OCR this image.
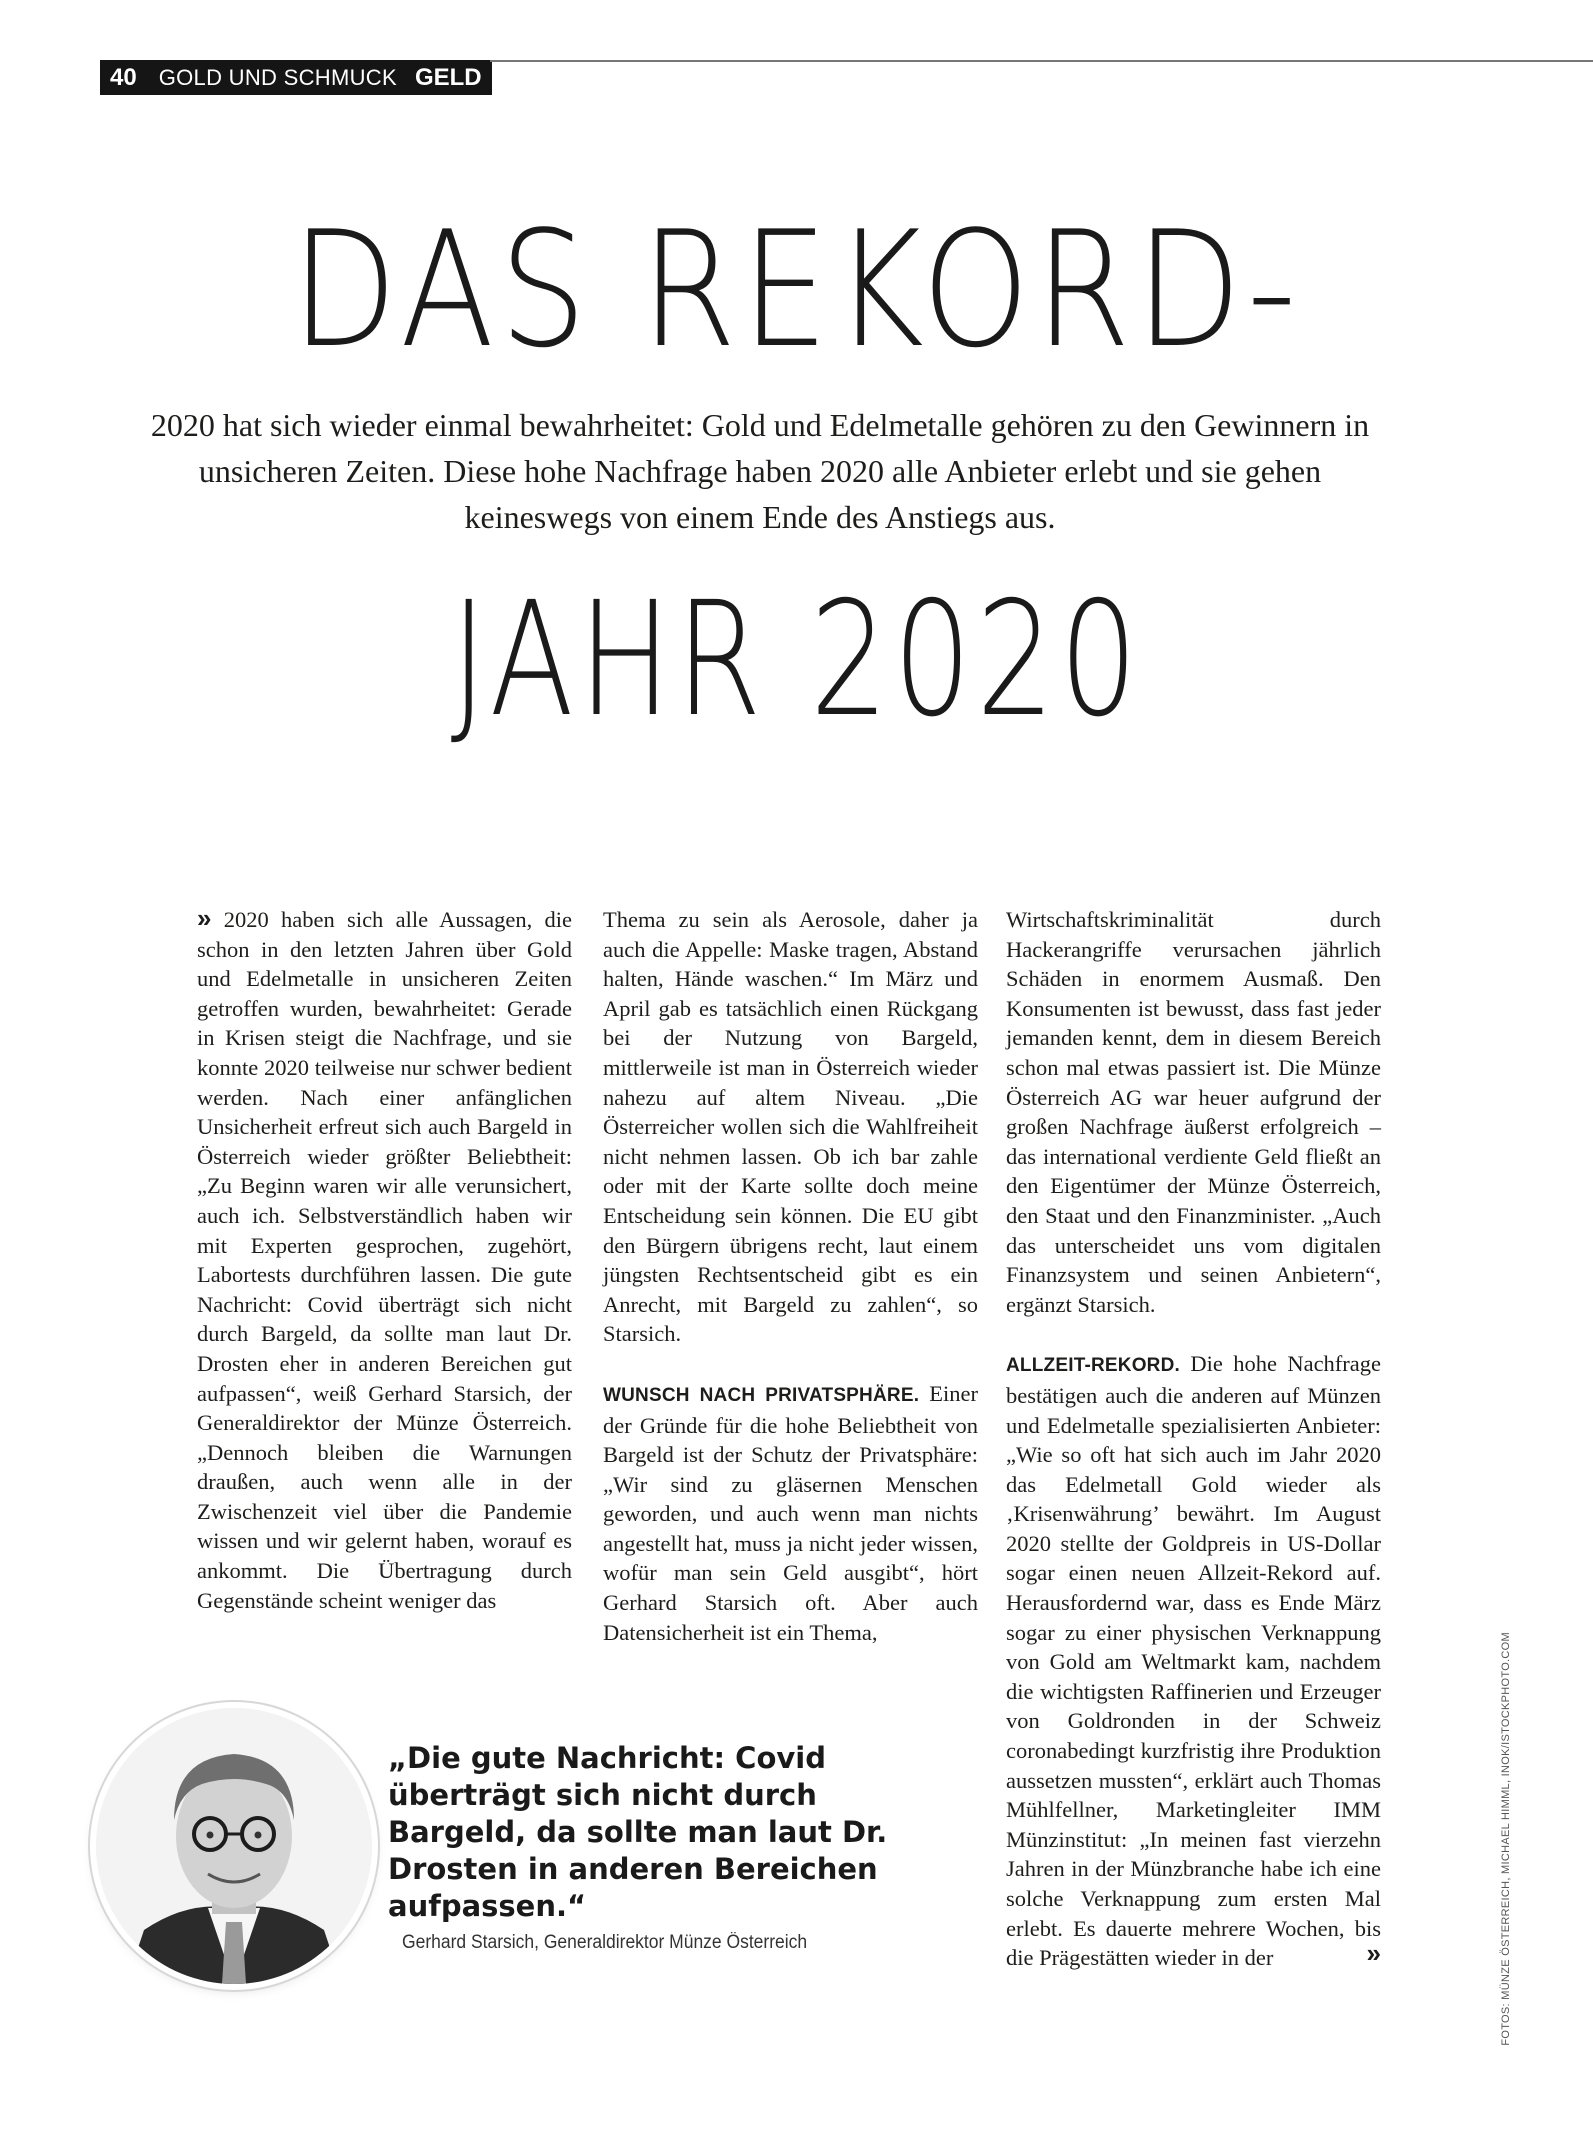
40 GOLD UND SCHMUCK GELD
DAS REKORD-

2020 hat sich wieder einmal bewahrheitet: Gold und Edelmetalle gehören zu den Gewinnern in unsicheren Zeiten. Diese hohe Nachfrage haben 2020 alle Anbieter erlebt und sie gehen keineswegs von einem Ende des Anstiegs aus.

JAHR 2020

» 2020 haben sich alle Aussagen, die schon in den letzten Jahren über Gold und Edelmetalle in unsicheren Zeiten getroffen wurden, bewahrheitet: Gerade in Krisen steigt die Nachfrage, und sie konnte 2020 teilweise nur schwer bedient werden. Nach einer anfänglichen Unsicherheit erfreut sich auch Bargeld in Österreich wieder größter Beliebtheit: „Zu Beginn waren wir alle verunsichert, auch ich. Selbstverständlich haben wir mit Experten gesprochen, zugehört, Labortests durchführen lassen. Die gute Nachricht: Covid überträgt sich nicht durch Bargeld, da sollte man laut Dr. Drosten eher in anderen Bereichen gut aufpassen“, weiß Gerhard Starsich, der Generaldirektor der Münze Österreich. „Dennoch bleiben die Warnungen draußen, auch wenn alle in der Zwischenzeit viel über die Pandemie wissen und wir gelernt haben, worauf es ankommt. Die Übertragung durch Gegenstände scheint weniger das

Thema zu sein als Aerosole, daher ja auch die Appelle: Maske tragen, Abstand halten, Hände waschen.“ Im März und April gab es tatsächlich einen Rückgang bei der Nutzung von Bargeld, mittlerweile ist man in Österreich wieder nahezu auf altem Niveau. „Die Österreicher wollen sich die Wahlfreiheit nicht nehmen lassen. Ob ich bar zahle oder mit der Karte sollte doch meine Entscheidung sein können. Die EU gibt den Bürgern übrigens recht, laut einem jüngsten Rechtsentscheid gibt es ein Anrecht, mit Bargeld zu zahlen“, so Starsich.

WUNSCH NACH PRIVATSPHÄRE. Einer der Gründe für die hohe Beliebtheit von Bargeld ist der Schutz der Privatsphäre: „Wir sind zu gläsernen Menschen geworden, und auch wenn man nichts angestellt hat, muss ja nicht jeder wissen, wofür man sein Geld ausgibt“, hört Gerhard Starsich oft. Aber auch Datensicherheit ist ein Thema,

Wirtschaftskriminalität durch Hackerangriffe verursachen jährlich Schäden in enormem Ausmaß. Den Konsumenten ist bewusst, dass fast jeder jemanden kennt, dem in diesem Bereich schon mal etwas passiert ist. Die Münze Österreich AG war heuer aufgrund der großen Nachfrage äußerst erfolgreich – das international verdiente Geld fließt an den Eigentümer der Münze Österreich, den Staat und den Finanzminister. „Auch das unterscheidet uns vom digitalen Finanzsystem und seinen Anbietern“, ergänzt Starsich.

ALLZEIT-REKORD. Die hohe Nachfrage bestätigen auch die anderen auf Münzen und Edelmetalle spezialisierten Anbieter: „Wie so oft hat sich auch im Jahr 2020 das Edelmetall Gold wieder als ‚Krisenwährung’ bewährt. Im August 2020 stellte der Goldpreis in US-Dollar sogar einen neuen Allzeit-Rekord auf. Herausfordernd war, dass es Ende März sogar zu einer physischen Verknappung von Gold am Weltmarkt kam, nachdem die wichtigsten Raffinerien und Erzeuger von Goldronden in der Schweiz coronabedingt kurzfristig ihre Produktion aussetzen mussten“, erklärt auch Thomas Mühlfellner, Marketingleiter IMM Münzinstitut: „In meinen fast vierzehn Jahren in der Münzbranche habe ich eine solche Verknappung zum ersten Mal erlebt. Es dauerte mehrere Wochen, bis die Prägestätten wieder in der	»

„Die gute Nachricht: Covid überträgt sich nicht durch Bargeld, da sollte man laut Dr. Drosten in anderen Bereichen aufpassen.“

Gerhard Starsich, Generaldirektor Münze Österreich	FOTOS: MÜNZE ÖSTERREICH, MICHAEL HIMML, INOK/ISTOCKPHOTO.COM
